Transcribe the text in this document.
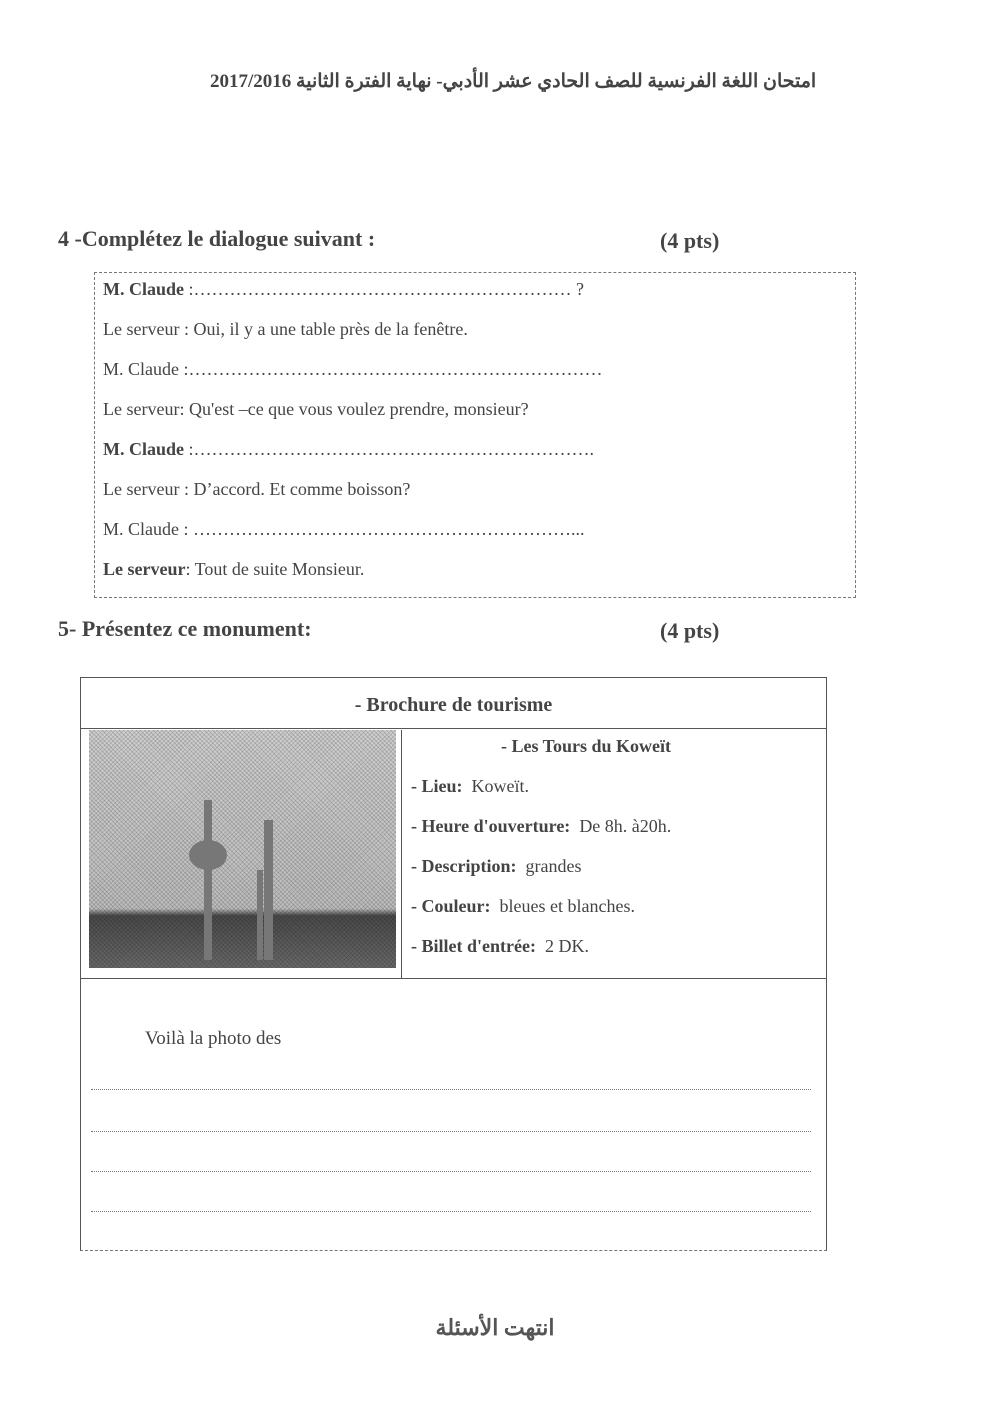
امتحان اللغة الفرنسية للصف الحادي عشر الأدبي- نهاية الفترة الثانية 2017/2016
4 -Complétez le dialogue suivant :	(4 pts)
M. Claude :……………………………………………………… ?
Le serveur : Oui, il y a une table près de la fenêtre.
M. Claude :……………………………………………………………
Le serveur: Qu'est –ce que vous voulez prendre, monsieur?
M. Claude :………………………………………………………….
Le serveur : D’accord. Et comme boisson?
M. Claude : ………………………………………………………...
Le serveur: Tout de suite Monsieur.
5- Présentez ce monument:	(4 pts)
- Brochure de tourisme
- Les Tours du Koweït
- Lieu: Koweït.
- Heure d'ouverture: De 8h. à20h.
- Description: grandes
- Couleur: bleues et blanches.
- Billet d'entrée: 2 DK.
Voilà la photo des
انتهت الأسئلة
